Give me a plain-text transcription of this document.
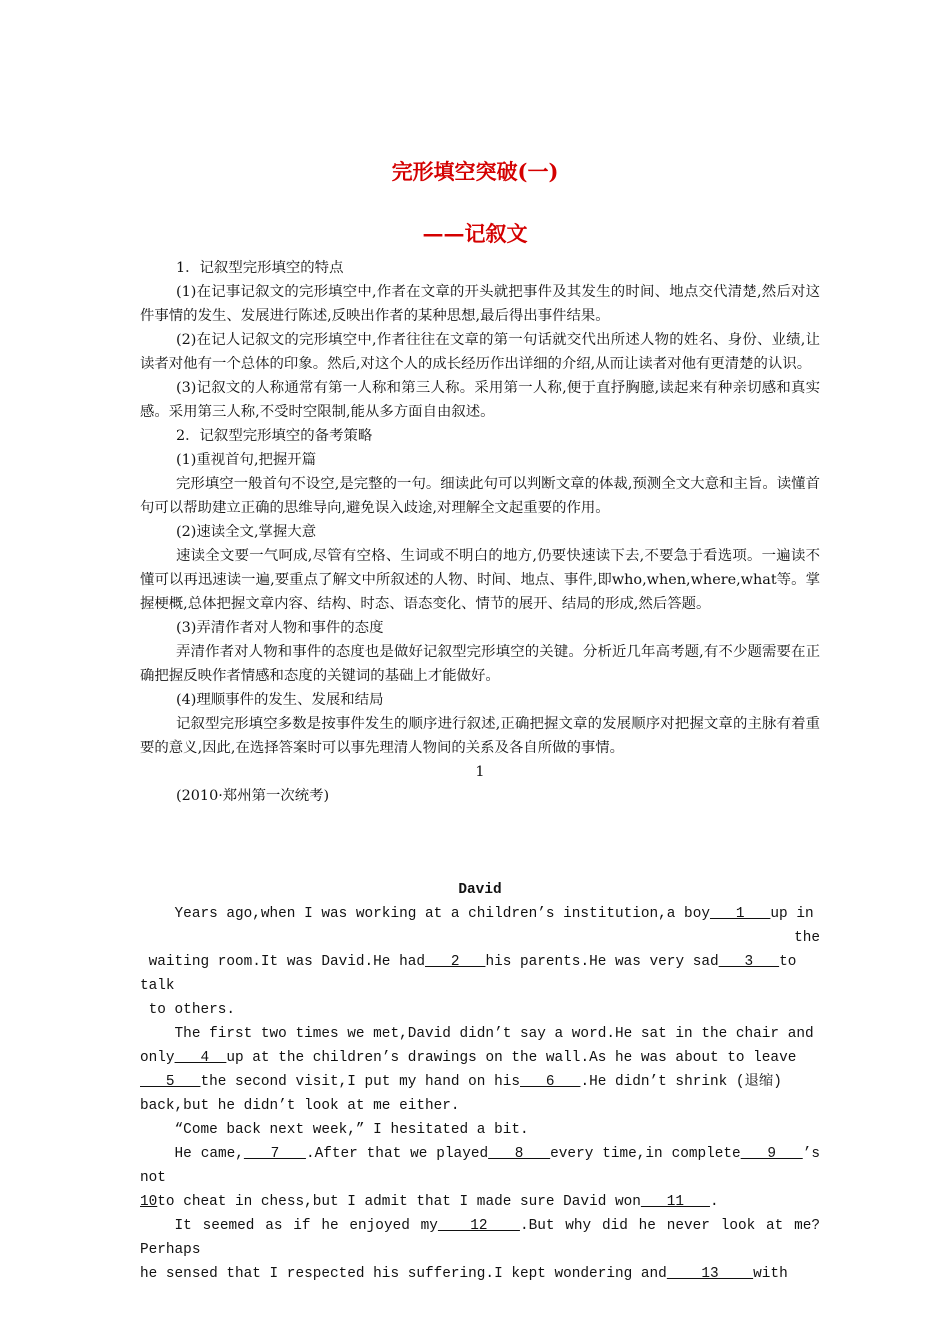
完形填空突破(一)
——记叙文

1．记叙型完形填空的特点

(1)在记事记叙文的完形填空中,作者在文章的开头就把事件及其发生的时间、地点交代清楚,然后对这件事情的发生、发展进行陈述,反映出作者的某种思想,最后得出事件结果。

(2)在记人记叙文的完形填空中,作者往往在文章的第一句话就交代出所述人物的姓名、身份、业绩,让读者对他有一个总体的印象。然后,对这个人的成长经历作出详细的介绍,从而让读者对他有更清楚的认识。

(3)记叙文的人称通常有第一人称和第三人称。采用第一人称,便于直抒胸臆,读起来有种亲切感和真实感。采用第三人称,不受时空限制,能从多方面自由叙述。

2．记叙型完形填空的备考策略

(1)重视首句,把握开篇

完形填空一般首句不设空,是完整的一句。细读此句可以判断文章的体裁,预测全文大意和主旨。读懂首句可以帮助建立正确的思维导向,避免误入歧途,对理解全文起重要的作用。

(2)速读全文,掌握大意

速读全文要一气呵成,尽管有空格、生词或不明白的地方,仍要快速读下去,不要急于看选项。一遍读不懂可以再迅速读一遍,要重点了解文中所叙述的人物、时间、地点、事件,即who,when,where,what等。掌握梗概,总体把握文章内容、结构、时态、语态变化、情节的展开、结局的形成,然后答题。

(3)弄清作者对人物和事件的态度

弄清作者对人物和事件的态度也是做好记叙型完形填空的关键。分析近几年高考题,有不少题需要在正确把握反映作者情感和态度的关键词的基础上才能做好。

(4)理顺事件的发生、发展和结局

记叙型完形填空多数是按事件发生的顺序进行叙述,正确把握文章的发展顺序对把握文章的主脉有着重要的意义,因此,在选择答案时可以事先理清人物间的关系及各自所做的事情。

1

(2010·郑州第一次统考)

David

Years ago,when I was working at a children’s institution,a boy   1   up in

the

waiting room.It was David.He had   2   his parents.He was very sad   3   to

talk

to others.

The first two times we met,David didn’t say a word.He sat in the chair and

only   4  up at the children’s drawings on the wall.As he was about to leave

5   the second visit,I put my hand on his   6   .He didn’t shrink (退缩)

back,but he didn’t look at me either.

“Come back next week,” I hesitated a bit.

He came,   7   .After that we played   8   every time,in complete   9   ’s not

10to cheat in chess,but I admit that I made sure David won   11   .

It seemed as if he enjoyed my   12   .But why did he never look at me? Perhaps

he sensed that I respected his suffering.I kept wondering and    13    with
